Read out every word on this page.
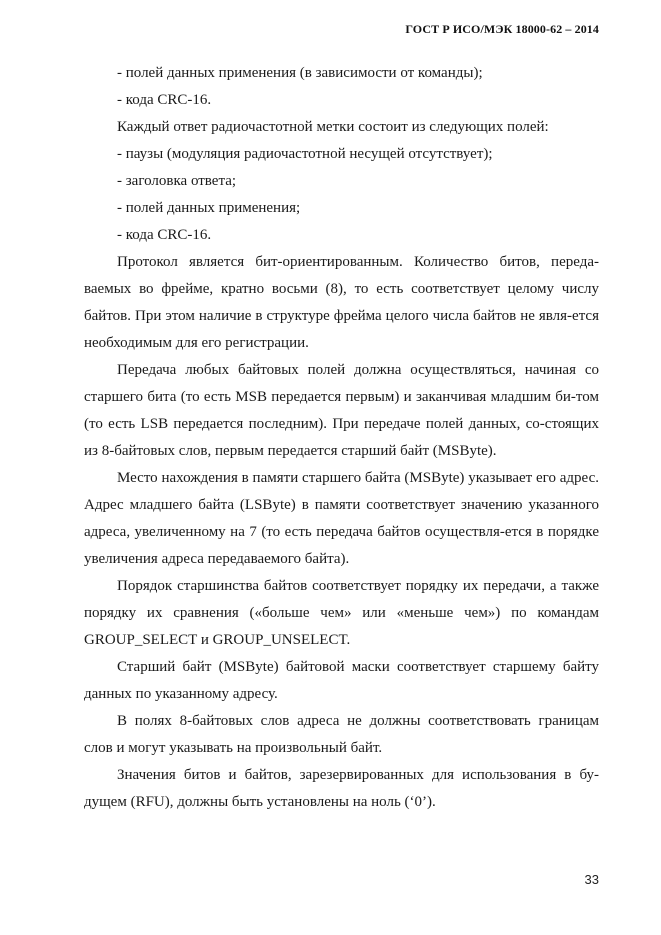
ГОСТ Р ИСО/МЭК 18000-62 – 2014
- полей данных применения (в зависимости от команды);
- кода CRC-16.
Каждый ответ радиочастотной метки состоит из следующих полей:
- паузы (модуляция радиочастотной несущей отсутствует);
- заголовка ответа;
- полей данных применения;
- кода CRC-16.

Протокол является бит-ориентированным. Количество битов, переда-ваемых во фрейме, кратно восьми (8), то есть соответствует целому числу байтов. При этом наличие в структуре фрейма целого числа байтов не явля-ется необходимым для его регистрации.

Передача любых байтовых полей должна осуществляться, начиная со старшего бита (то есть MSB передается первым) и заканчивая младшим би-том (то есть LSB передается последним). При передаче полей данных, со-стоящих из 8-байтовых слов, первым передается старший байт (MSByte).

Место нахождения в памяти старшего байта (MSByte) указывает его адрес. Адрес младшего байта (LSByte) в памяти соответствует значению указанного адреса, увеличенному на 7 (то есть передача байтов осуществля-ется в порядке увеличения адреса передаваемого байта).

Порядок старшинства байтов соответствует порядку их передачи, а также порядку их сравнения («больше чем» или «меньше чем») по командам GROUP_SELECT и GROUP_UNSELECT.

Старший байт (MSByte) байтовой маски соответствует старшему байту данных по указанному адресу.

В полях 8-байтовых слов адреса не должны соответствовать границам слов и могут указывать на произвольный байт.

Значения битов и байтов, зарезервированных для использования в бу-дущем (RFU), должны быть установлены на ноль (‘0’).

33
